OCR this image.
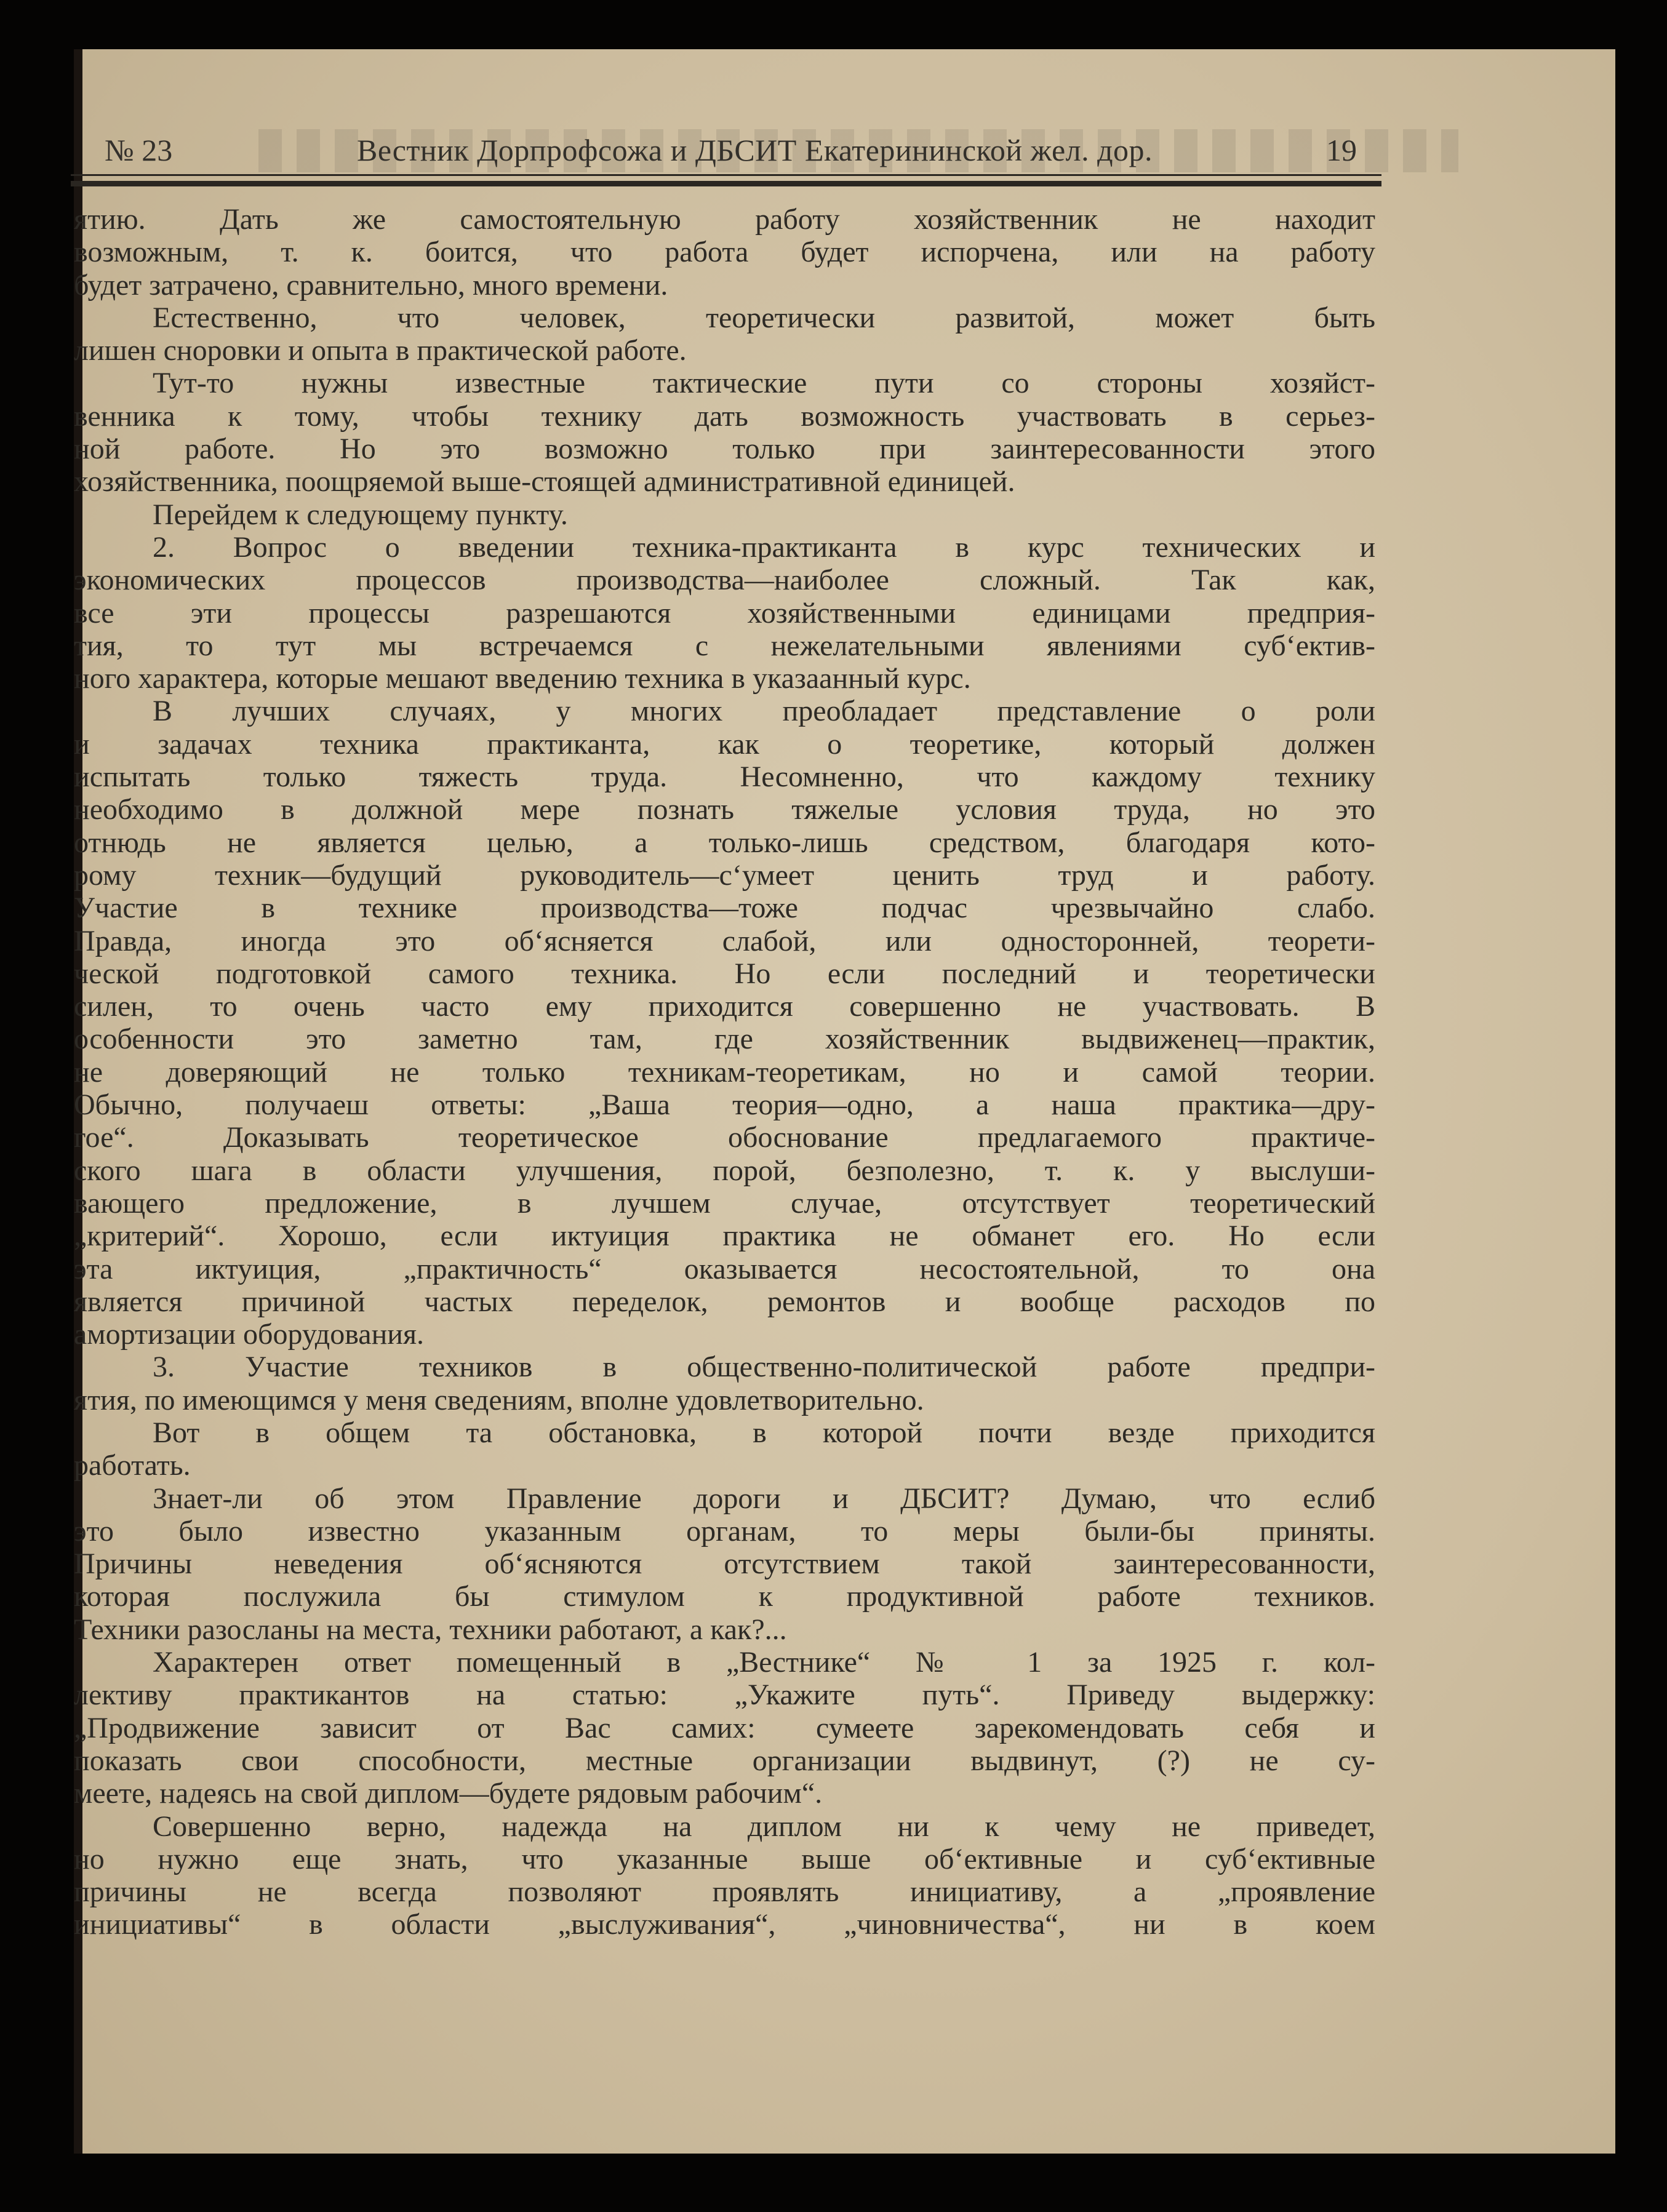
№ 23	Вестник Дорпрофсожа и ДБСИТ Екатерининской жел. дор.	19

ятию. Дать же самостоятельную работу хозяйственник не находит

возможным, т. к. боится, что работа будет испорчена, или на работу

будет затрачено, сравнительно, много времени.

Естественно, что человек, теоретически развитой, может быть

лишен сноровки и опыта в практической работе.

Тут-то нужны известные тактические пути со стороны хозяйст-

венника к тому, чтобы технику дать возможность участвовать в серьез-

ной работе. Но это возможно только при заинтересованности этого

хозяйственника, поощряемой выше-стоящей административной единицей.

Перейдем к следующему пункту.

2. Вопрос о введении техника-практиканта в курс технических и

экономических процессов производства—наиболее сложный. Так как,

все эти процессы разрешаются хозяйственными единицами предприя-

тия, то тут мы встречаемся с нежелательными явлениями суб‘ектив-

ного характера, которые мешают введению техника в указаанный курс.

В лучших случаях, у многих преобладает представление о роли

и задачах техника практиканта, как о теоретике, который должен

испытать только тяжесть труда. Несомненно, что каждому технику

необходимо в должной мере познать тяжелые условия труда, но это

отнюдь не является целью, а только-лишь средством, благодаря кото-

рому техник—будущий руководитель—с‘умеет ценить труд и работу.

Участие в технике производства—тоже подчас чрезвычайно слабо.

Правда, иногда это об‘ясняется слабой, или односторонней, теорети-

ческой подготовкой самого техника. Но если последний и теоретически

силен, то очень часто ему приходится совершенно не участвовать. В

особенности это заметно там, где хозяйственник выдвиженец—практик,

не доверяющий не только техникам-теоретикам, но и самой теории.

Обычно, получаеш ответы: „Ваша теория—одно, а наша практика—дру-

гое“. Доказывать теоретическое обоснование предлагаемого практиче-

ского шага в области улучшения, порой, безполезно, т. к. у выслуши-

вающего предложение, в лучшем случае, отсутствует теоретический

„критерий“. Хорошо, если иктуиция практика не обманет его. Но если

эта иктуиция, „практичность“ оказывается несостоятельной, то она

является причиной частых переделок, ремонтов и вообще расходов по

амортизации оборудования.

3. Участие техников в общественно-политической работе предпри-

ятия, по имеющимся у меня сведениям, вполне удовлетворительно.

Вот в общем та обстановка, в которой почти везде приходится

работать.

Знает-ли об этом Правление дороги и ДБСИТ? Думаю, что еслиб

это было известно указанным органам, то меры были-бы приняты.

Причины неведения об‘ясняются отсутствием такой заинтересованности,

которая послужила бы стимулом к продуктивной работе техников.

Техники разосланы на места, техники работают, а как?...

Характерен ответ помещенный в „Вестнике“ № 1 за 1925 г. кол-

лективу практикантов на статью: „Укажите путь“. Приведу выдержку:

„Продвижение зависит от Вас самих: сумеете зарекомендовать себя и

показать свои способности, местные организации выдвинут, (?) не су-

меете, надеясь на свой диплом—будете рядовым рабочим“.

Совершенно верно, надежда на диплом ни к чему не приведет,

но нужно еще знать, что указанные выше об‘ективные и суб‘ективные

причины не всегда позволяют проявлять инициативу, а „проявление

инициативы“ в области „выслуживания“, „чиновничества“, ни в коем
